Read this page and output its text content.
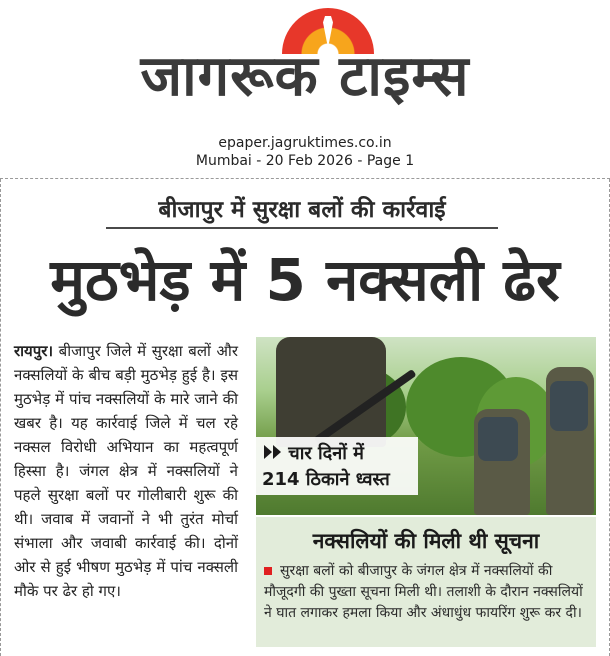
जागरूक टाइम्स
epaper.jagruktimes.co.in
Mumbai - 20 Feb 2026 - Page 1
बीजापुर में सुरक्षा बलों की कार्रवाई
मुठभेड़ में 5 नक्सली ढेर
रायपुर। बीजापुर जिले में सुरक्षा बलों और नक्सलियों के बीच बड़ी मुठभेड़ हुई है। इस मुठभेड़ में पांच नक्सलियों के मारे जाने की खबर है। यह कार्रवाई जिले में चल रहे नक्सल विरोधी अभियान का महत्वपूर्ण हिस्सा है। जंगल क्षेत्र में नक्सलियों ने पहले सुरक्षा बलों पर गोलीबारी शुरू की थी। जवाब में जवानों ने भी तुरंत मोर्चा संभाला और जवाबी कार्रवाई की। दोनों ओर से हुई भीषण मुठभेड़ में पांच नक्सली मौके पर ढेर हो गए।
चार दिनों में
214 ठिकाने ध्वस्त
नक्सलियों की मिली थी सूचना
सुरक्षा बलों को बीजापुर के जंगल क्षेत्र में नक्सलियों की मौजूदगी की पुख्ता सूचना मिली थी। तलाशी के दौरान नक्सलियों ने घात लगाकर हमला किया और अंधाधुंध फायरिंग शुरू कर दी।
